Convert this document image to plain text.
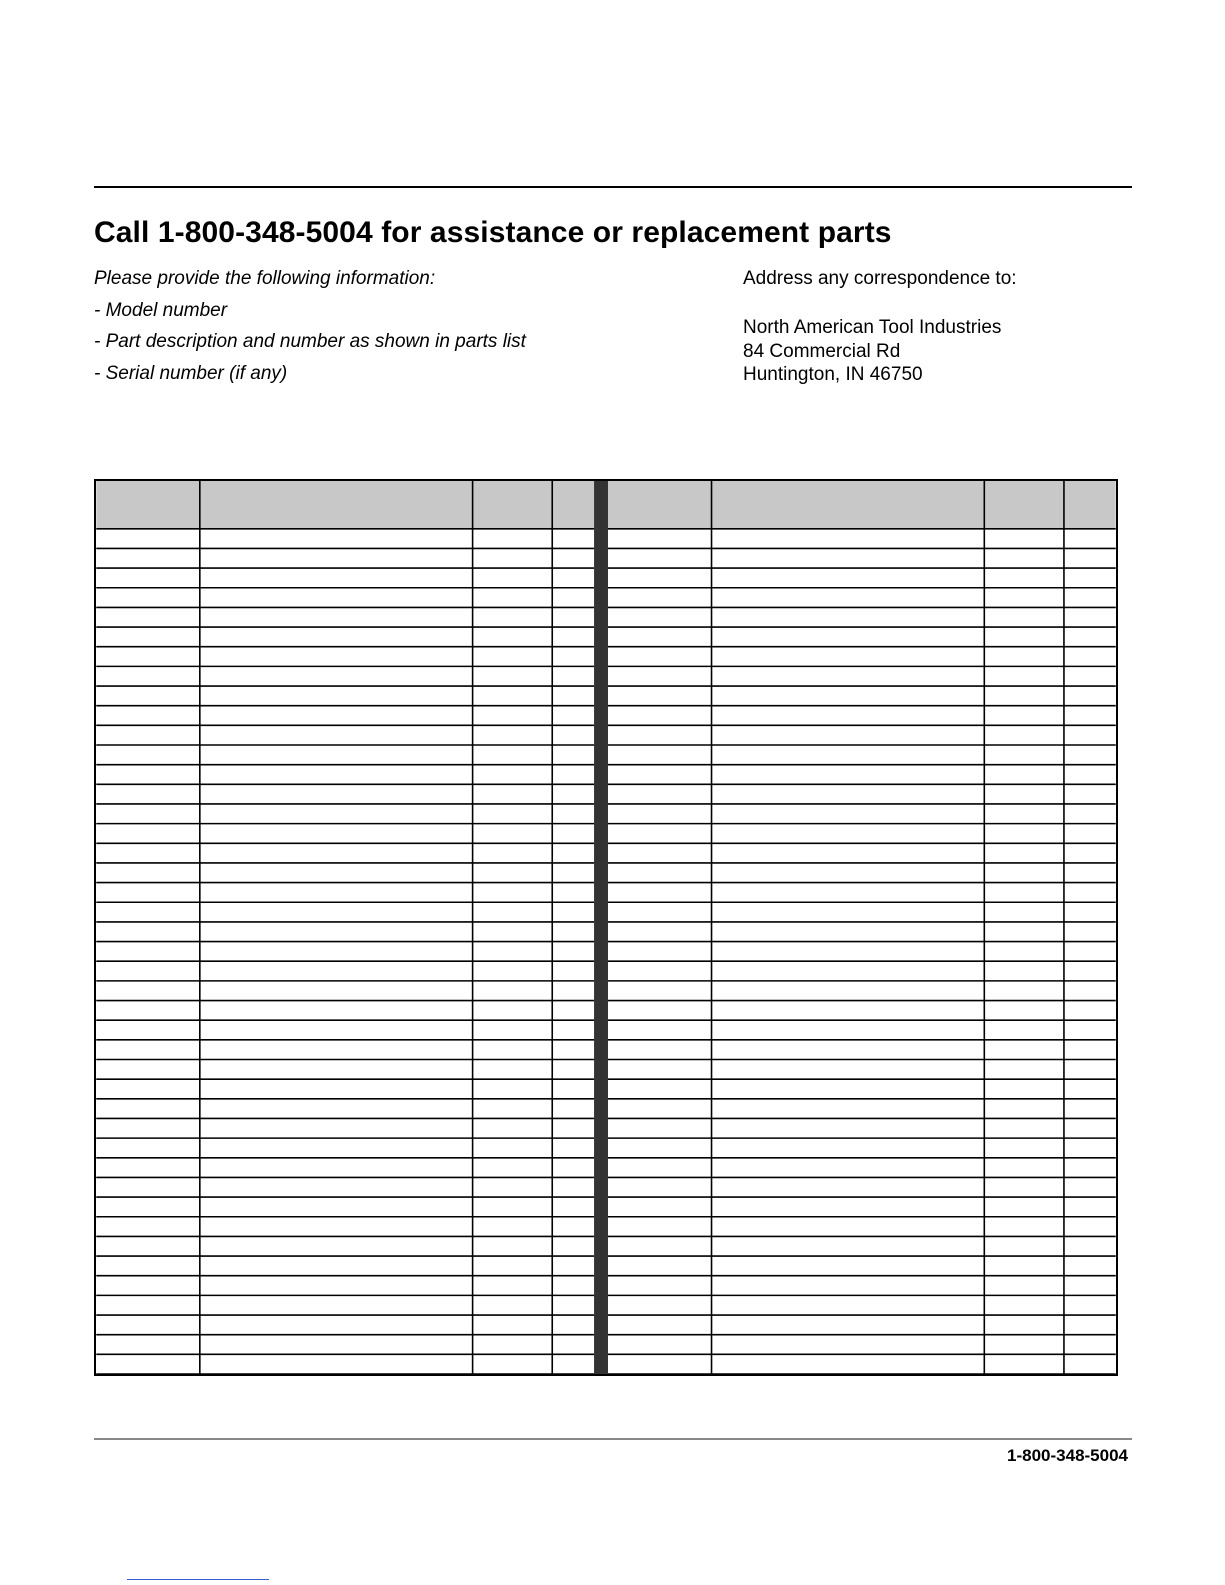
Call 1-800-348-5004 for assistance or replacement parts
Please provide the following information:
- Model number
- Part description and number as shown in parts list
- Serial number (if any)
Address any correspondence to:
North American Tool Industries
84 Commercial Rd
Huntington, IN 46750
1-800-348-5004
